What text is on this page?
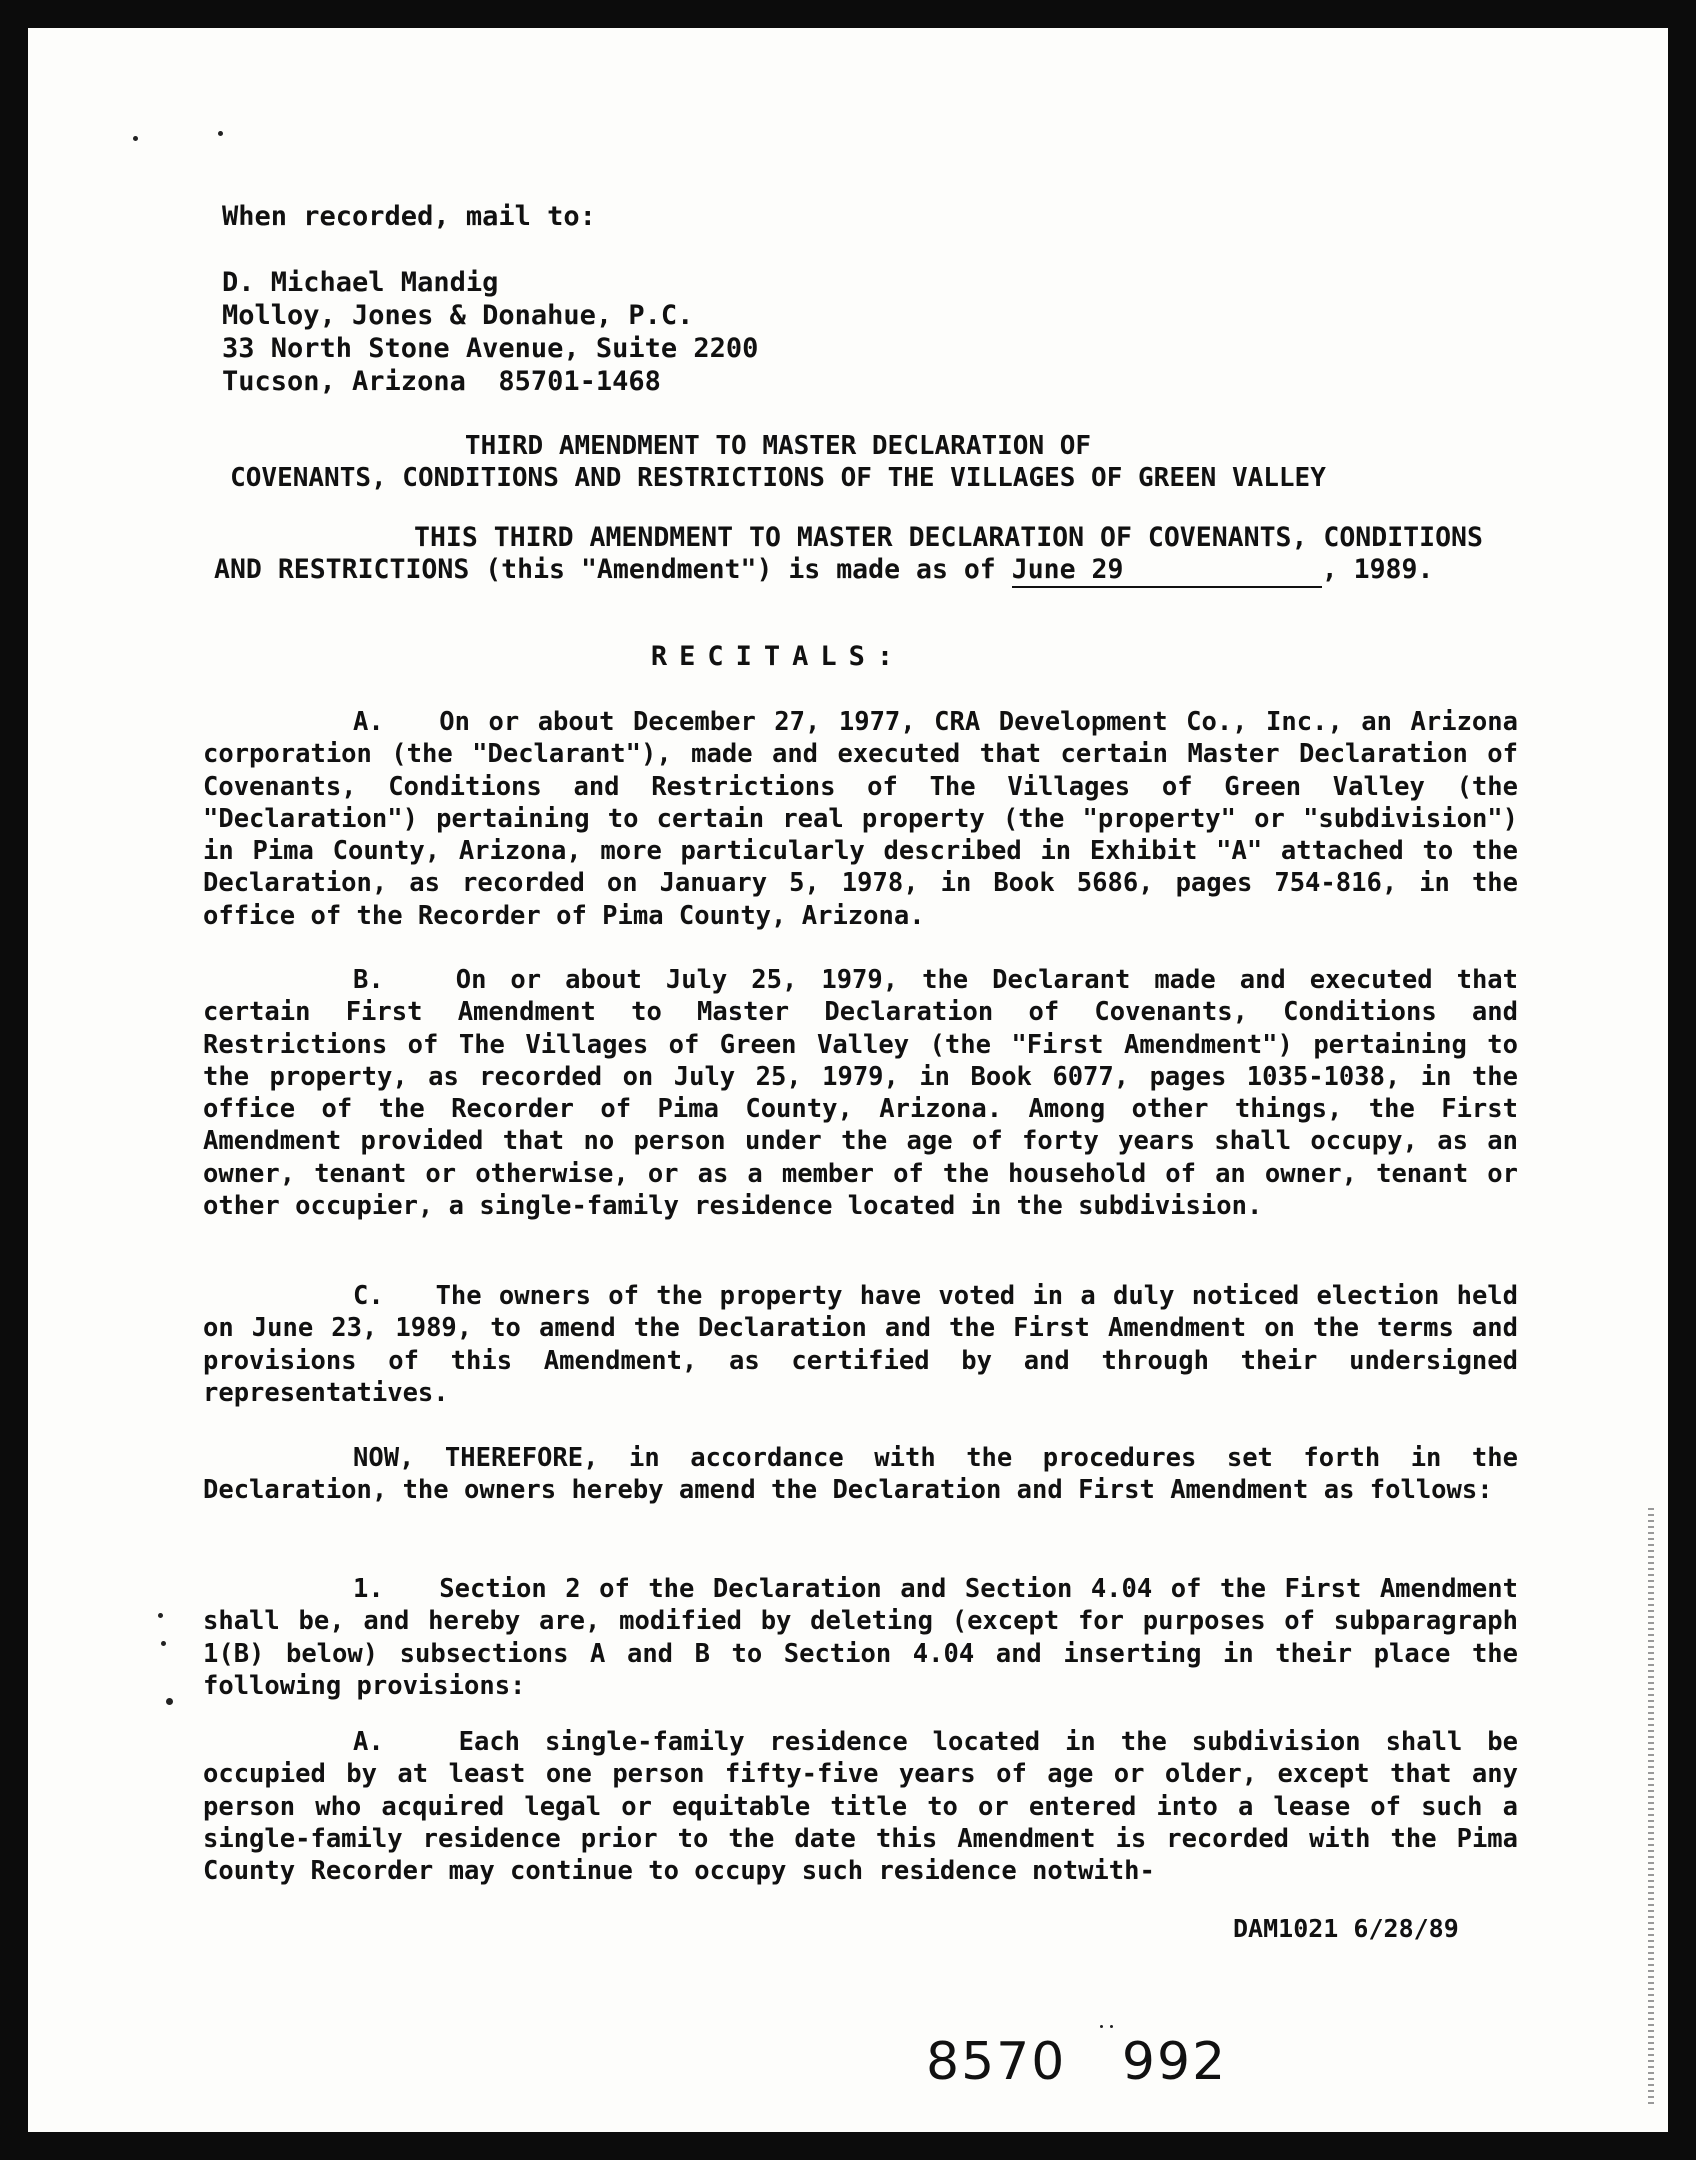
When recorded, mail to:
D. Michael Mandig
Molloy, Jones & Donahue, P.C.
33 North Stone Avenue, Suite 2200
Tucson, Arizona  85701-1468
THIRD AMENDMENT TO MASTER DECLARATION OF
COVENANTS, CONDITIONS AND RESTRICTIONS OF THE VILLAGES OF GREEN VALLEY
THIS THIRD AMENDMENT TO MASTER DECLARATION OF COVENANTS, CONDITIONS
AND RESTRICTIONS (this "Amendment") is made as of June 29	, 1989.
RECITALS:
A. On or about December 27, 1977, CRA Development Co., Inc., an Arizona corporation (the "Declarant"), made and executed that certain Master Declaration of Covenants, Conditions and Restrictions of The Villages of Green Valley (the "Declaration") pertaining to certain real property (the "property" or "subdivision") in Pima County, Arizona, more particularly described in Exhibit "A" attached to the Declaration, as recorded on January 5, 1978, in Book 5686, pages 754-816, in the office of the Recorder of Pima County, Arizona.
B.	On or about July 25, 1979, the Declarant made and executed that certain First Amendment to Master Declaration of Covenants, Conditions and Restrictions of The Villages of Green Valley (the "First Amendment") pertaining to the property, as recorded on July 25, 1979, in Book 6077, pages 1035-1038, in the office of the Recorder of Pima County, Arizona. Among other things, the First Amendment provided that no person under the age of forty years shall occupy, as an owner, tenant or otherwise, or as a member of the household of an owner, tenant or other occupier, a single-family residence located in the subdivision.
C. The owners of the property have voted in a duly noticed election held on June 23, 1989, to amend the Declaration and the First Amendment on the terms and provisions of this Amendment, as certified by and through their undersigned representatives.
NOW, THEREFORE, in accordance with the procedures set forth in the Declaration, the owners hereby amend the Declaration and First Amendment as follows:
1. Section 2 of the Declaration and Section 4.04 of the First Amendment shall be, and hereby are, modified by deleting (except for purposes of subparagraph 1(B) below) subsections A and B to Section 4.04 and inserting in their place the following provisions:
A.	Each single-family residence located in the subdivision shall be occupied by at least one person fifty-five years of age or older, except that any person who acquired legal or equitable title to or entered into a lease of such a single-family residence prior to the date this Amendment is recorded with the Pima County Recorder may continue to occupy such residence notwith-
DAM1021 6/28/89
8570   992
